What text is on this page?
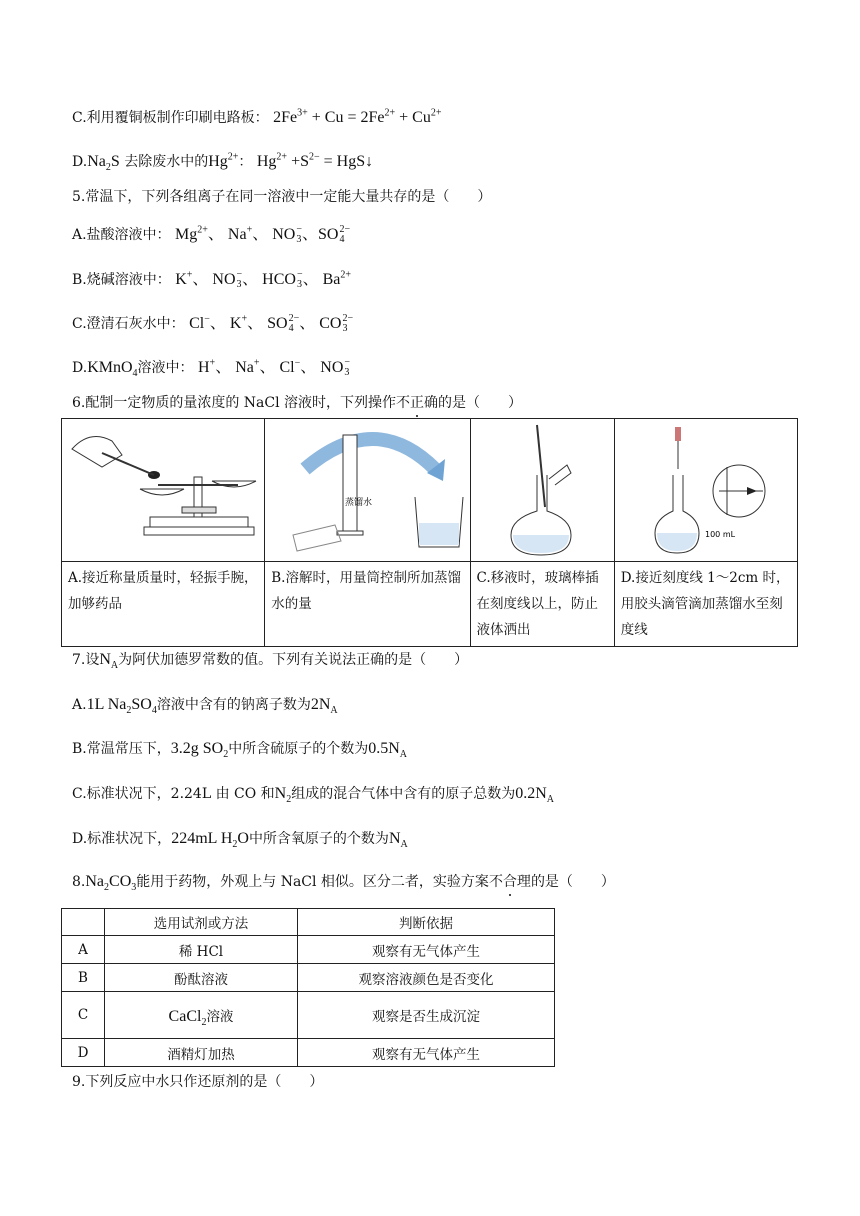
C.利用覆铜板制作印刷电路板： $2Fe^{3+} + Cu = 2Fe^{2+} + Cu^{2+}$
$D.Na_2S$ 去除废水中的$Hg^{2+}$： $Hg^{2+} +S^{2-}$ = HgS↓
5.常温下，下列各组离子在同一溶液中一定能大量共存的是（　　）
A.盐酸溶液中： $Mg^{2+}$、 Na+、 NO −
3 、SO 2−
4
B.烧碱溶液中： K+、 NO −
3 、 HCO −
3 、 $Ba^{2+}$
C.澄清石灰水中： Cl−、 K+、 SO 2−
4 、 CO 2−
3
D.KMnO$_4$溶液中： H+、 Na+、 Cl−、 NO −
3
6.配制一定物质的量浓度的 NaCl 溶液时，下列操作不正确的是（　　）

蒸馏水		100 mL

A.接近称量质量时，轻振手腕，加够药品	B.溶解时，用量筒控制所加蒸馏水的量	C.移液时，玻璃棒插在刻度线以上，防止液体洒出	D.接近刻度线 1～2cm 时，用胶头滴管滴加蒸馏水至刻度线
7.设$N_A$为阿伏加德罗常数的值。下列有关说法正确的是（　　）
A.1L $Na_2SO_4$溶液中含有的钠离子数为$2N_A$
B.常温常压下，3.2g $SO_2$中所含硫原子的个数为$0.5N_A$
C.标准状况下，2.24L 由 CO 和$N_2$组成的混合气体中含有的原子总数为$0.2N_A$
D.标准状况下，224mL $H_2O$中所含氧原子的个数为$N_A$
$8.Na_2CO_3$能用于药物，外观上与 NaCl 相似。区分二者，实验方案不合理的是（　　）
	选用试剂或方法	判断依据
A	稀 HCl	观察有无气体产生
B	酚酞溶液	观察溶液颜色是否变化
C	CaCl$_2$溶液	观察是否生成沉淀
D	酒精灯加热	观察有无气体产生
9.下列反应中水只作还原剂的是（　　）
